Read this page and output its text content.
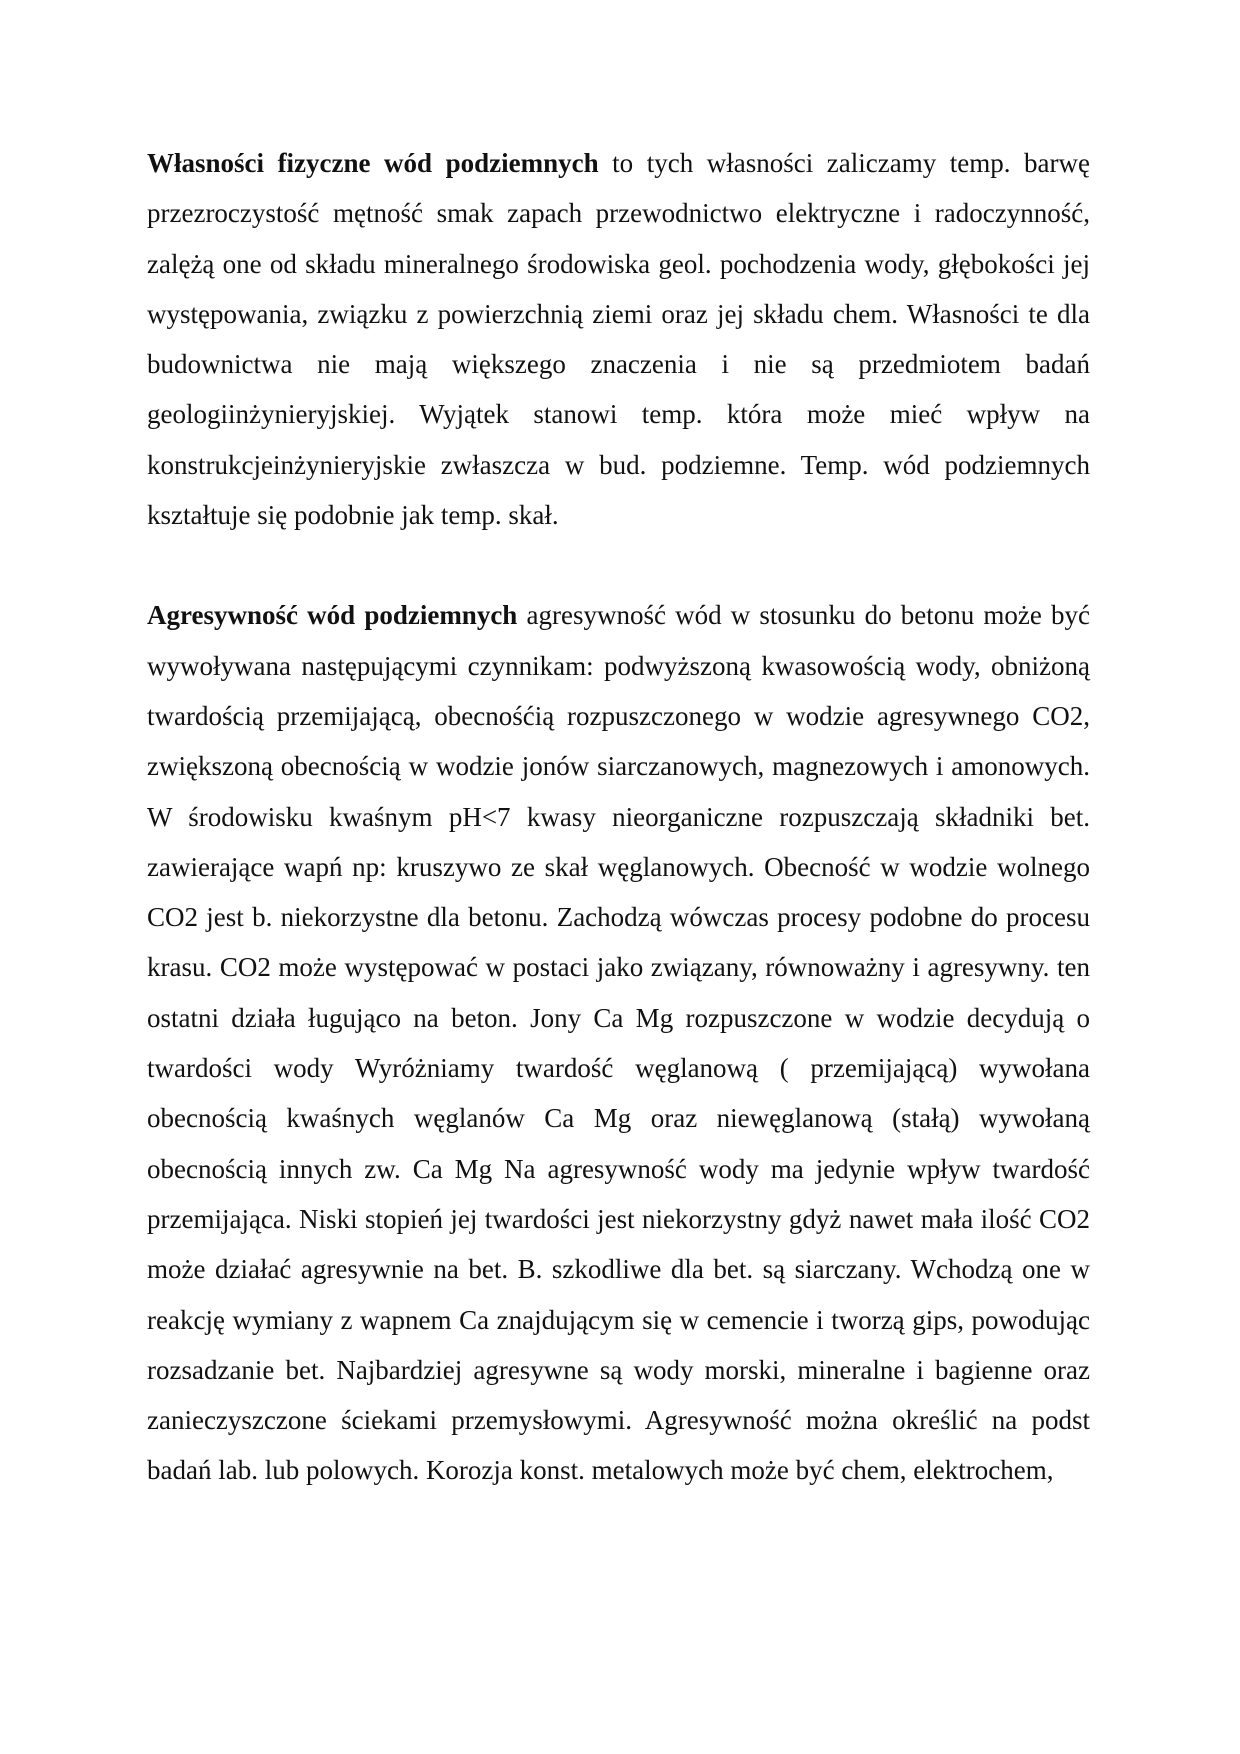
Własności fizyczne wód podziemnych to tych własności zaliczamy temp. barwę przezroczystość mętność smak zapach przewodnictwo elektryczne i radoczynność, zalężą one od składu mineralnego środowiska geol. pochodzenia wody, głębokości jej występowania, związku z powierzchnią ziemi oraz jej składu chem. Własności te dla budownictwa nie mają większego znaczenia i nie są przedmiotem badań geologiinżynieryjskiej. Wyjątek stanowi temp. która może mieć wpływ na konstrukcjeinżynieryjskie zwłaszcza w bud. podziemne. Temp. wód podziemnych kształtuje się podobnie jak temp. skał.

Agresywność wód podziemnych agresywność wód w stosunku do betonu może być wywoływana następującymi czynnikam: podwyższoną kwasowością wody, obniżoną twardością przemijającą, obecnośćią rozpuszczonego w wodzie agresywnego CO2, zwiększoną obecnością w wodzie jonów siarczanowych, magnezowych i amonowych. W środowisku kwaśnym pH<7 kwasy nieorganiczne rozpuszczają składniki bet. zawierające wapń np: kruszywo ze skał węglanowych. Obecność w wodzie wolnego CO2 jest b. niekorzystne dla betonu. Zachodzą wówczas procesy podobne do procesu krasu. CO2 może występować w postaci jako związany, równoważny i agresywny. ten ostatni działa ługująco na beton. Jony Ca Mg rozpuszczone w wodzie decydują o twardości wody Wyróżniamy twardość węglanową ( przemijającą) wywołana obecnością kwaśnych węglanów Ca Mg oraz niewęglanową (stałą) wywołaną obecnością innych zw. Ca Mg Na agresywność wody ma jedynie wpływ twardość przemijająca. Niski stopień jej twardości jest niekorzystny gdyż nawet mała ilość CO2 może działać agresywnie na bet. B. szkodliwe dla bet. są siarczany. Wchodzą one w reakcję wymiany z wapnem Ca znajdującym się w cemencie i tworzą gips, powodując rozsadzanie bet. Najbardziej agresywne są wody morski, mineralne i bagienne oraz zanieczyszczone ściekami przemysłowymi. Agresywność można określić na podst badań lab. lub polowych. Korozja konst. metalowych może być chem, elektrochem,
